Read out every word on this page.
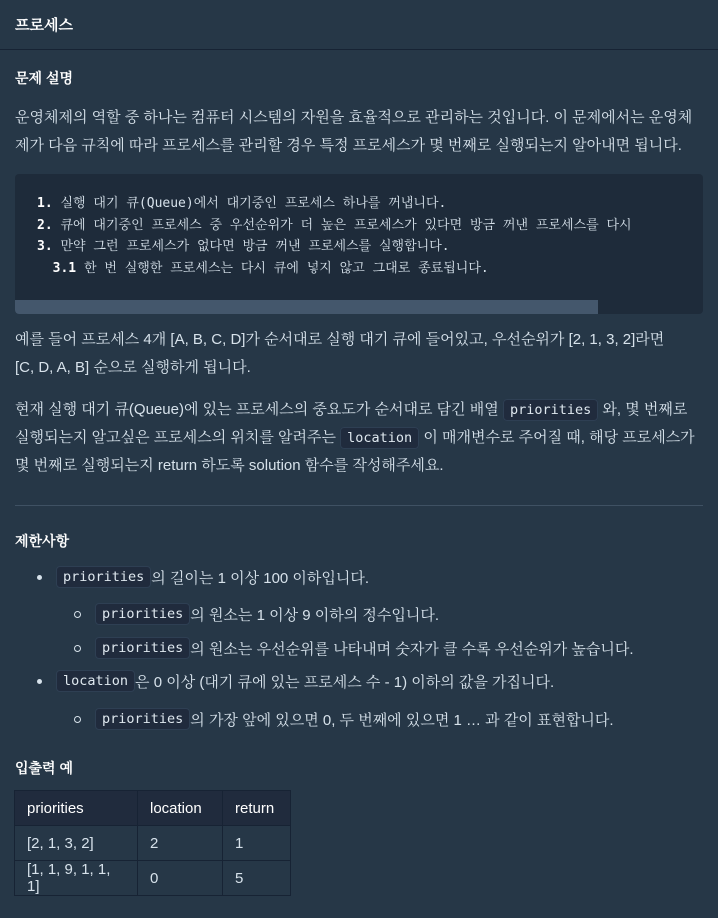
프로세스
문제 설명

운영체제의 역할 중 하나는 컴퓨터 시스템의 자원을 효율적으로 관리하는 것입니다. 이 문제에서는 운영체
제가 다음 규칙에 따라 프로세스를 관리할 경우 특정 프로세스가 몇 번째로 실행되는지 알아내면 됩니다.

1. 실행 대기 큐(Queue)에서 대기중인 프로세스 하나를 꺼냅니다.
2. 큐에 대기중인 프로세스 중 우선순위가 더 높은 프로세스가 있다면 방금 꺼낸 프로세스를 다시
3. 만약 그런 프로세스가 없다면 방금 꺼낸 프로세스를 실행합니다.
3.1 한 번 실행한 프로세스는 다시 큐에 넣지 않고 그대로 종료됩니다.

예를 들어 프로세스 4개 [A, B, C, D]가 순서대로 실행 대기 큐에 들어있고, 우선순위가 [2, 1, 3, 2]라면
[C, D, A, B] 순으로 실행하게 됩니다.

현재 실행 대기 큐(Queue)에 있는 프로세스의 중요도가 순서대로 담긴 배열 priorities 와, 몇 번째로
실행되는지 알고싶은 프로세스의 위치를 알려주는 location 이 매개변수로 주어질 때, 해당 프로세스가
몇 번째로 실행되는지 return 하도록 solution 함수를 작성해주세요.

제한사항
priorities 의 길이는 1 이상 100 이하입니다.
priorities 의 원소는 1 이상 9 이하의 정수입니다.
priorities 의 원소는 우선순위를 나타내며 숫자가 클 수록 우선순위가 높습니다.
location 은 0 이상 (대기 큐에 있는 프로세스 수 - 1) 이하의 값을 가집니다.
priorities 의 가장 앞에 있으면 0, 두 번째에 있으면 1 … 과 같이 표현합니다.
입출력 예
priorities	location	return
[2, 1, 3, 2]	2	1
[1, 1, 9, 1, 1, 1]	0	5
